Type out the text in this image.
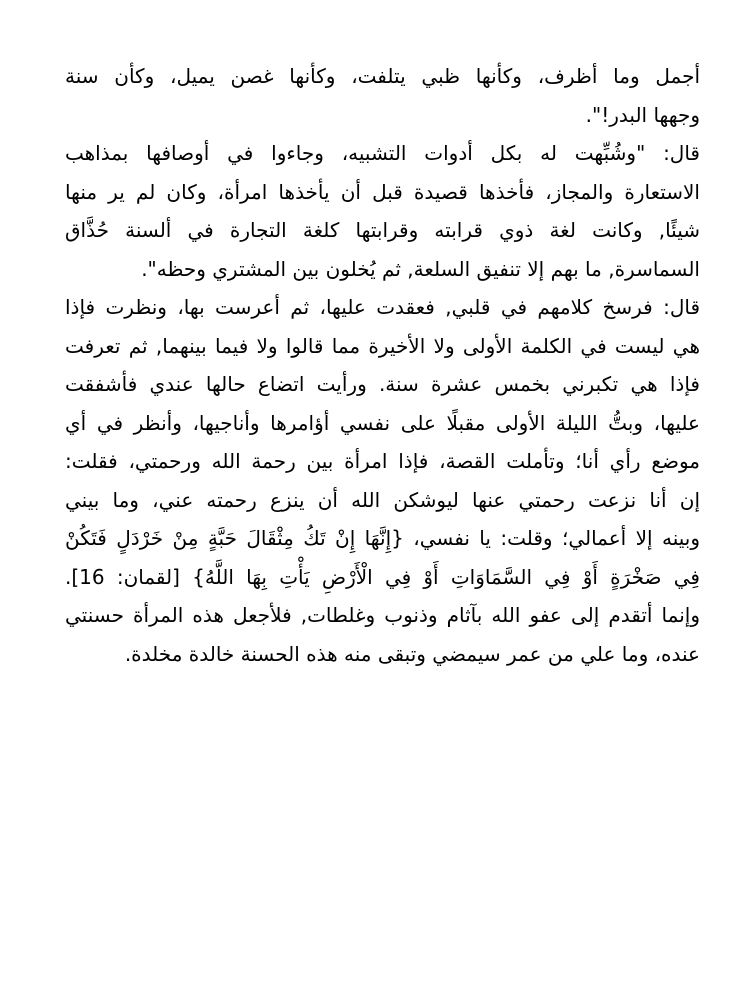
أجمل وما أظرف، وكأنها ظبي يتلفت، وكأنها غصن يميل، وكأن سنة
وجهها البدر!".
قال: "وشُبِّهت له بكل أدوات التشبيه، وجاءوا في أوصافها بمذاهب
الاستعارة والمجاز، فأخذها قصيدة قبل أن يأخذها امرأة، وكان لم ير منها
شيئًا, وكانت لغة ذوي قرابته وقرابتها كلغة التجارة في ألسنة حُذَّاق
السماسرة, ما بهم إلا تنفيق السلعة, ثم يُخلون بين المشتري وحظه".
قال: فرسخ كلامهم في قلبي, فعقدت عليها، ثم أعرست بها، ونظرت فإذا
هي ليست في الكلمة الأولى ولا الأخيرة مما قالوا ولا فيما بينهما, ثم تعرفت
فإذا هي تكبرني بخمس عشرة سنة. ورأيت اتضاع حالها عندي فأشفقت
عليها، وبتُّ الليلة الأولى مقبلًا على نفسي أؤامرها وأناجيها، وأنظر في أي
موضع رأي أنا؛ وتأملت القصة، فإذا امرأة بين رحمة الله ورحمتي، فقلت:
إن أنا نزعت رحمتي عنها ليوشكن الله أن ينزع رحمته عني، وما بيني
وبينه إلا أعمالي؛ وقلت: يا نفسي، {إِنَّهَا إِنْ تَكُ مِثْقَالَ حَبَّةٍ مِنْ خَرْدَلٍ فَتَكُنْ
فِي صَخْرَةٍ أَوْ فِي السَّمَاوَاتِ أَوْ فِي الْأَرْضِ يَأْتِ بِهَا اللَّهُ} [لقمان: 16].
وإنما أتقدم إلى عفو الله بآثام وذنوب وغلطات, فلأجعل هذه المرأة حسنتي
عنده، وما علي من عمر سيمضي وتبقى منه هذه الحسنة خالدة مخلدة.
